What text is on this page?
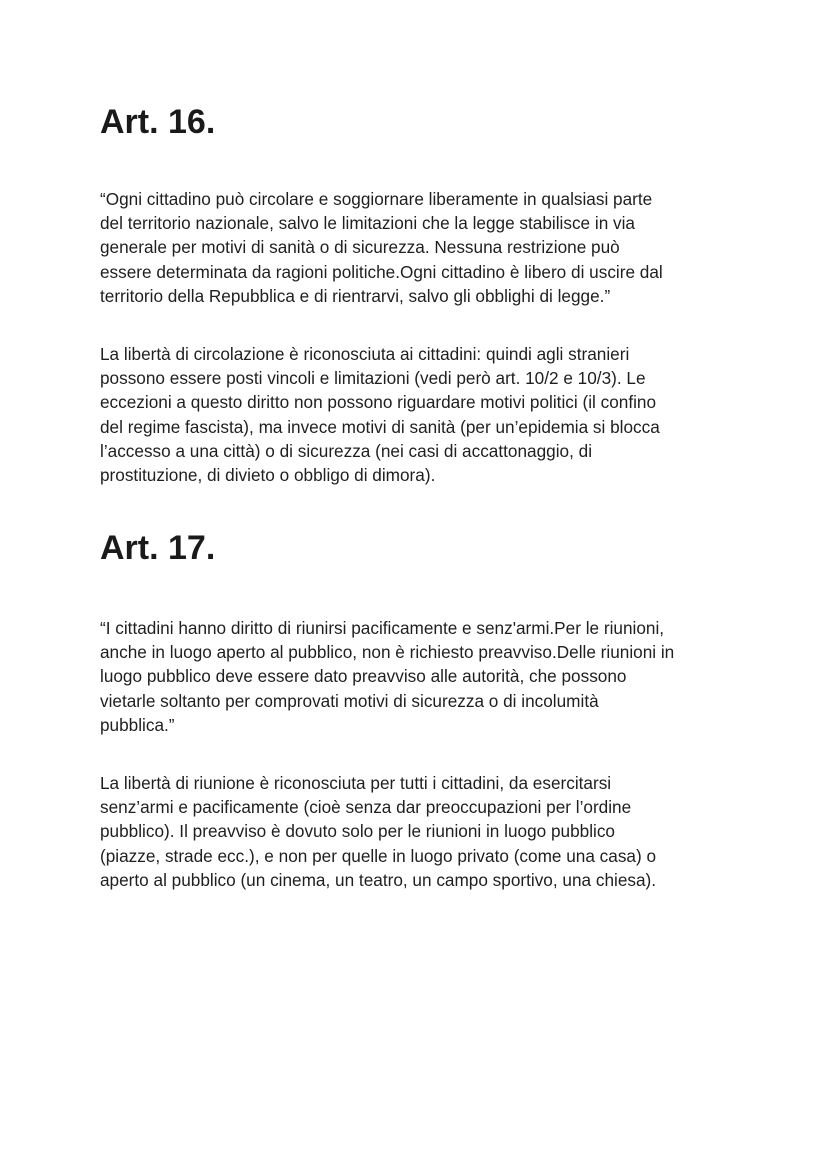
Art. 16.
“Ogni cittadino può circolare e soggiornare liberamente in qualsiasi parte
del territorio nazionale, salvo le limitazioni che la legge stabilisce in via
generale per motivi di sanità o di sicurezza. Nessuna restrizione può
essere determinata da ragioni politiche.Ogni cittadino è libero di uscire dal
territorio della Repubblica e di rientrarvi, salvo gli obblighi di legge.”
La libertà di circolazione è riconosciuta ai cittadini: quindi agli stranieri
possono essere posti vincoli e limitazioni (vedi però art. 10/2 e 10/3). Le
eccezioni a questo diritto non possono riguardare motivi politici (il confino
del regime fascista), ma invece motivi di sanità (per un’epidemia si blocca
l’accesso a una città) o di sicurezza (nei casi di accattonaggio, di
prostituzione, di divieto o obbligo di dimora).
Art. 17.
“I cittadini hanno diritto di riunirsi pacificamente e senz'armi.Per le riunioni,
anche in luogo aperto al pubblico, non è richiesto preavviso.Delle riunioni in
luogo pubblico deve essere dato preavviso alle autorità, che possono
vietarle soltanto per comprovati motivi di sicurezza o di incolumità
pubblica.”
La libertà di riunione è riconosciuta per tutti i cittadini, da esercitarsi
senz’armi e pacificamente (cioè senza dar preoccupazioni per l’ordine
pubblico). Il preavviso è dovuto solo per le riunioni in luogo pubblico
(piazze, strade ecc.), e non per quelle in luogo privato (come una casa) o
aperto al pubblico (un cinema, un teatro, un campo sportivo, una chiesa).
